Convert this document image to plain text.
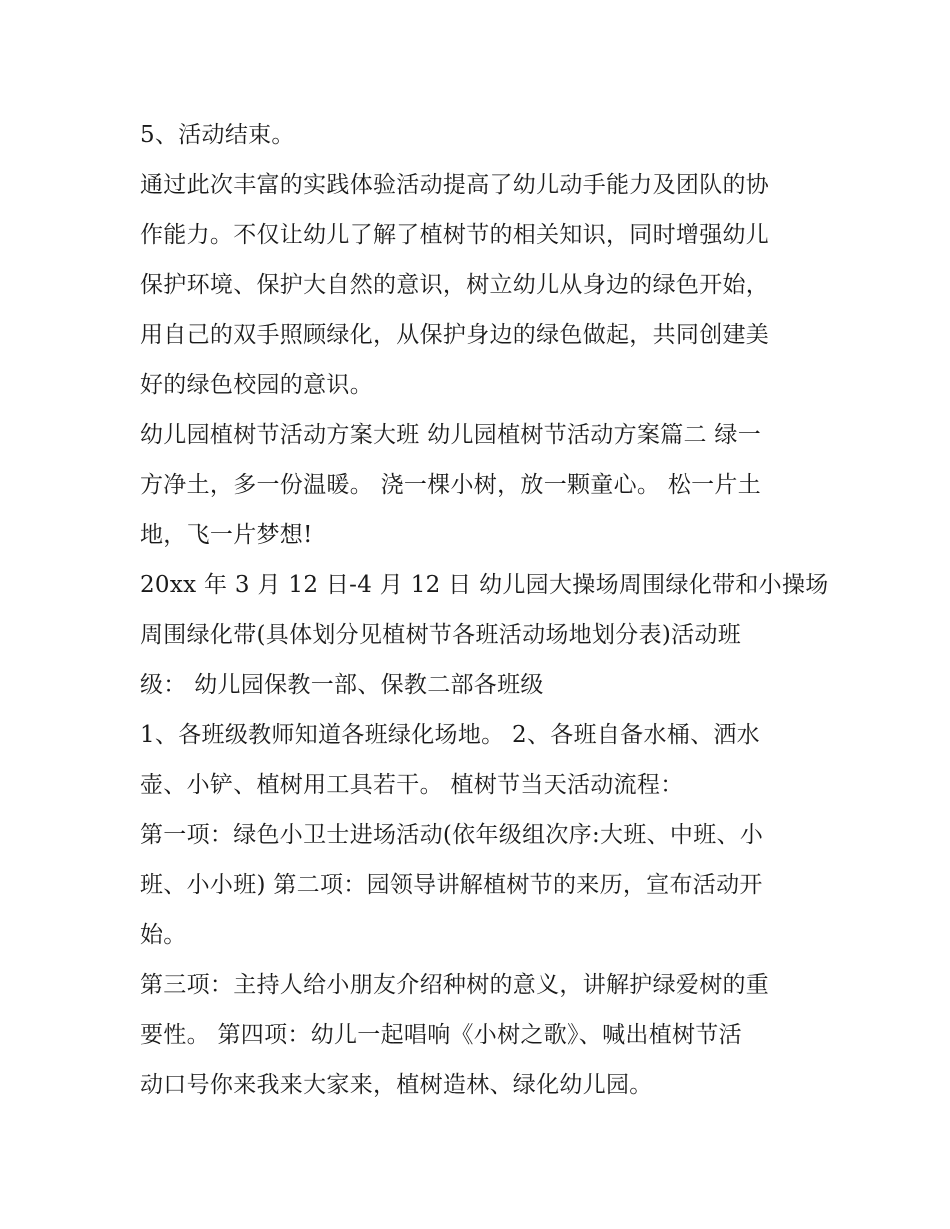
5、活动结束。
通过此次丰富的实践体验活动提高了幼儿动手能力及团队的协
作能力。不仅让幼儿了解了植树节的相关知识，同时增强幼儿
保护环境、保护大自然的意识，树立幼儿从身边的绿色开始，
用自己的双手照顾绿化，从保护身边的绿色做起，共同创建美
好的绿色校园的意识。
幼儿园植树节活动方案大班 幼儿园植树节活动方案篇二 绿一
方净土，多一份温暖。 浇一棵小树，放一颗童心。 松一片土
地，飞一片梦想!
20xx 年 3 月 12 日-4 月 12 日 幼儿园大操场周围绿化带和小操场
周围绿化带(具体划分见植树节各班活动场地划分表)活动班
级： 幼儿园保教一部、保教二部各班级
1、各班级教师知道各班绿化场地。 2、各班自备水桶、洒水
壶、小铲、植树用工具若干。 植树节当天活动流程：
第一项：绿色小卫士进场活动(依年级组次序:大班、中班、小
班、小小班) 第二项：园领导讲解植树节的来历，宣布活动开
始。
第三项：主持人给小朋友介绍种树的意义，讲解护绿爱树的重
要性。 第四项：幼儿一起唱响《小树之歌》、喊出植树节活
动口号你来我来大家来，植树造林、绿化幼儿园。
